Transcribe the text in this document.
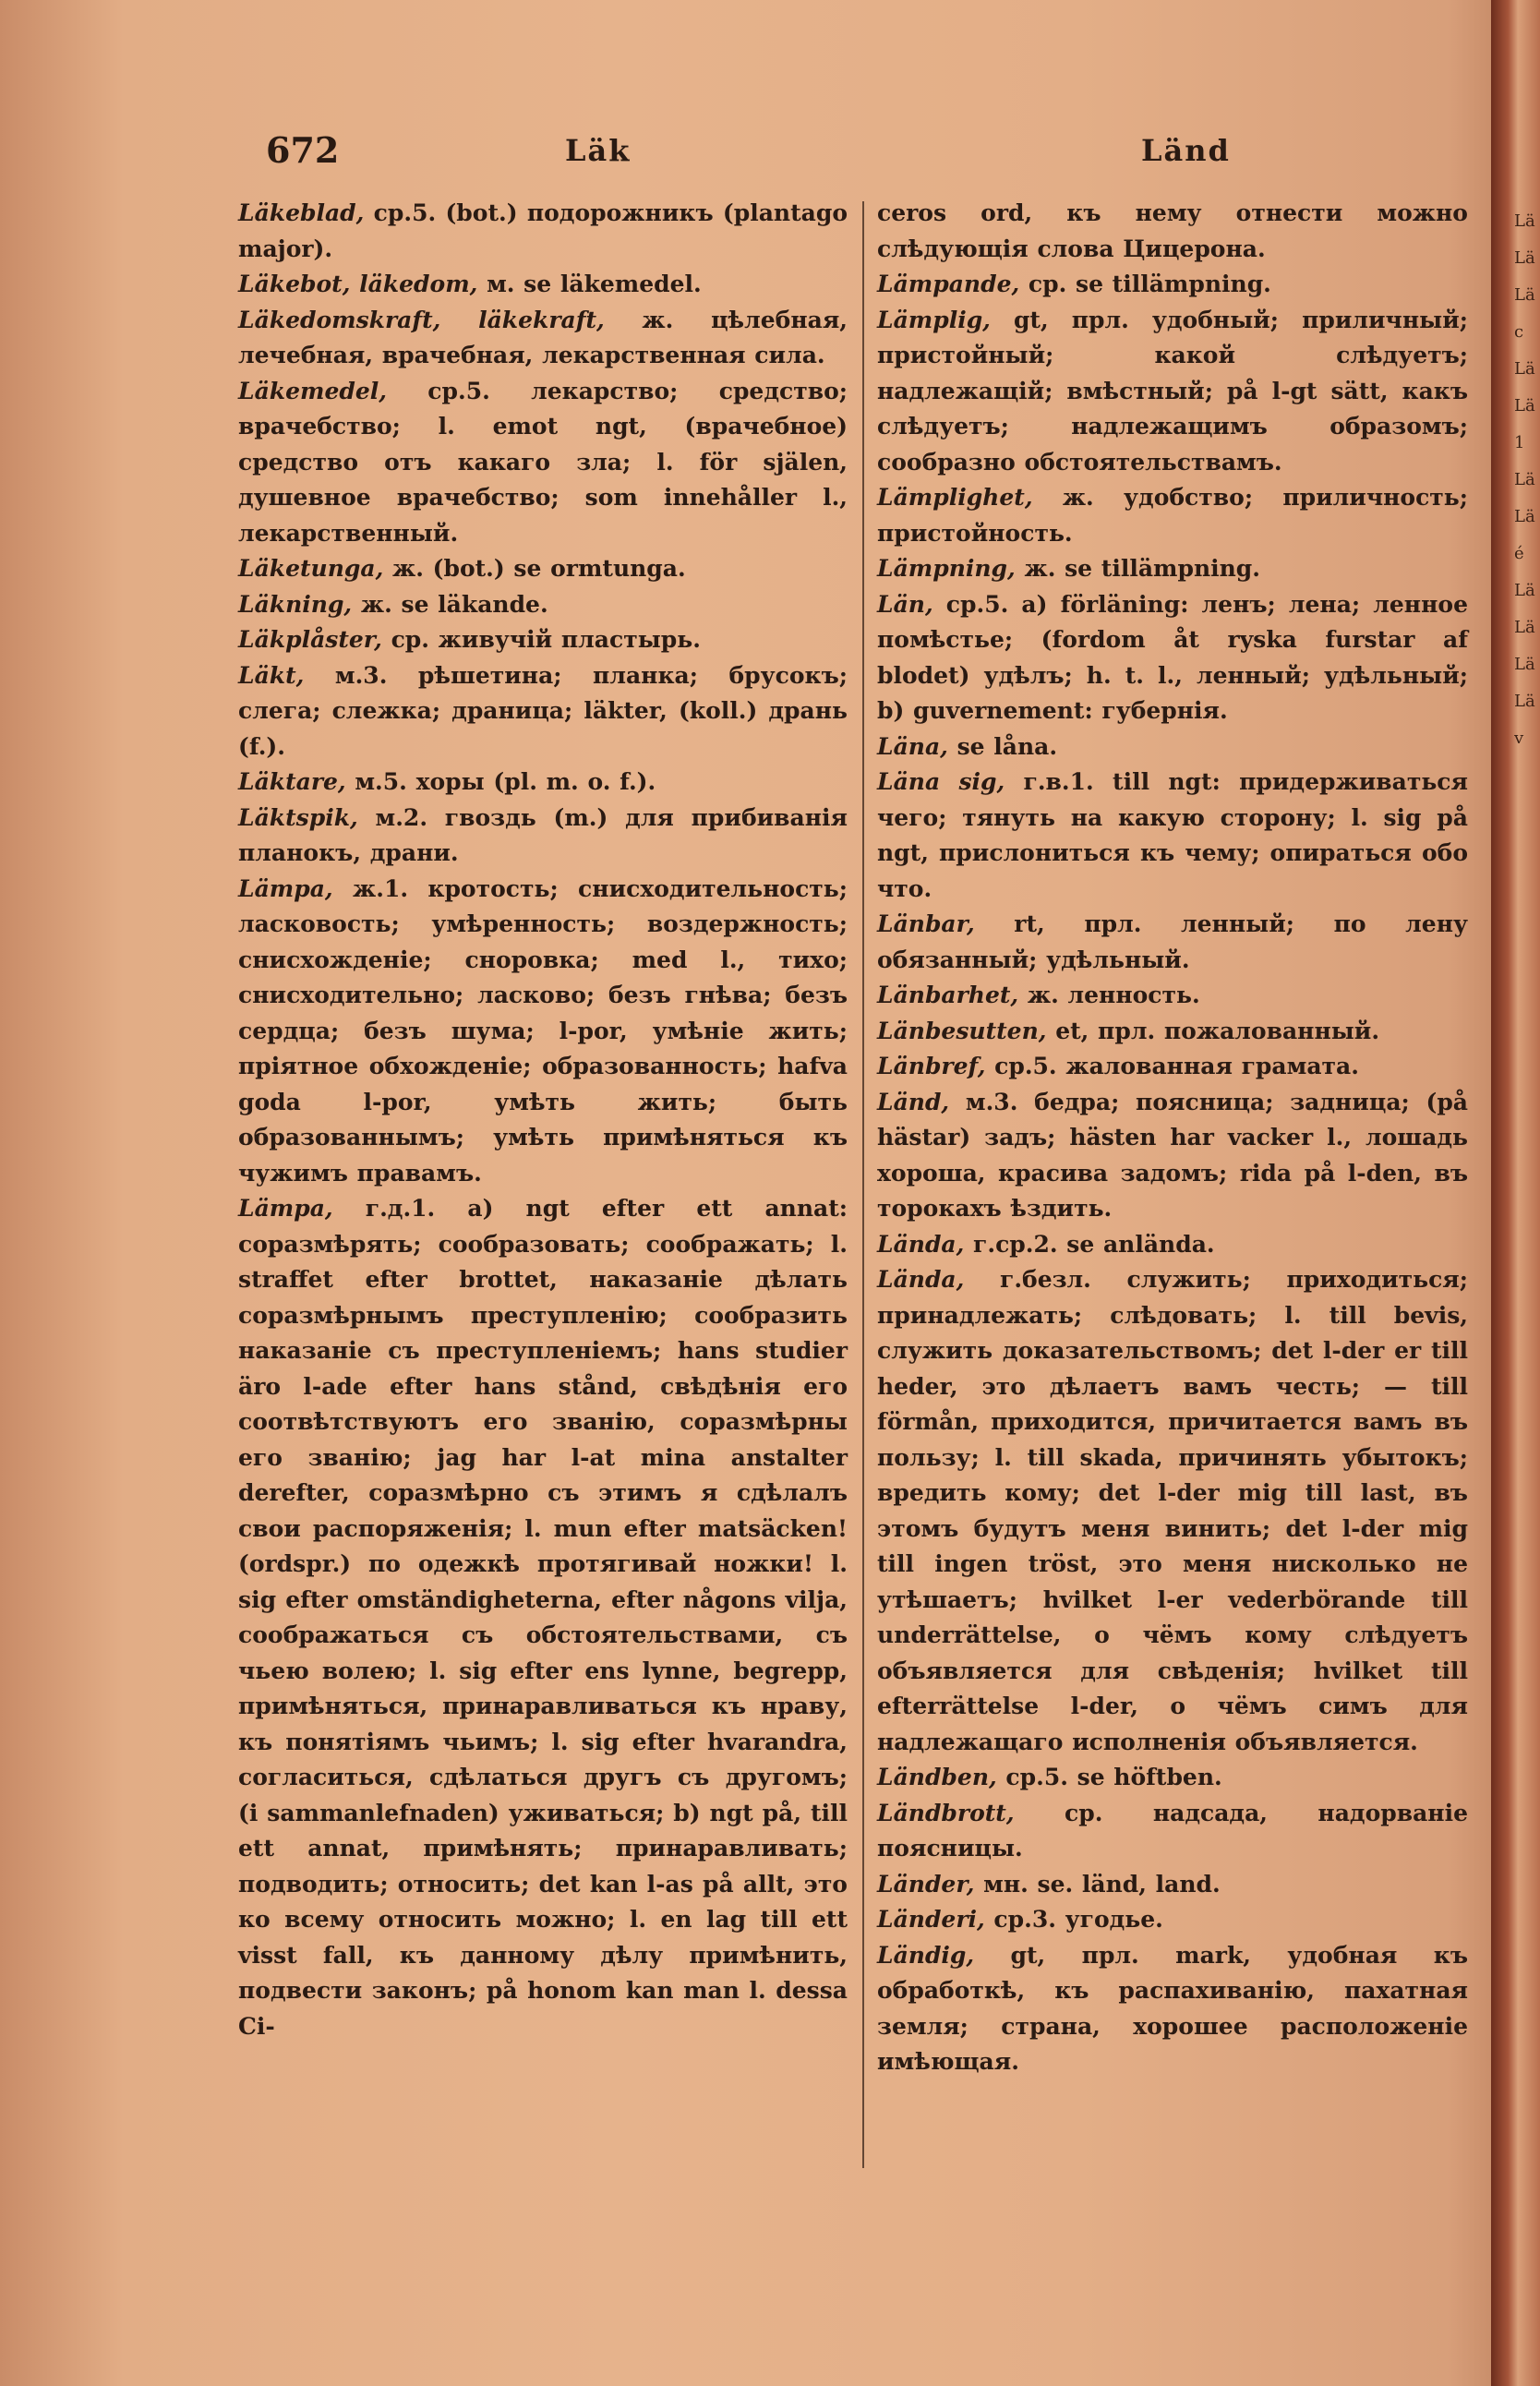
Lä Lä Lä c Lä Lä 1 Lä Lä é Lä Lä Lä Lä v
672	Läk	Länd

Läkeblad, ср.5. (bot.) подорожникъ (plantago major).

Läkebot, läkedom, м. se läkemedel.

Läkedomskraft, läkekraft, ж. цѣлебная, лечебная, врачебная, лекарственная сила.

Läkemedel, ср.5. лекарство; средство; врачебство; l. emot ngt, (врачебное) средство отъ какаго зла; l. för själen, душевное врачебство; som innehåller l., лекарственный.

Läketunga, ж. (bot.) se ormtunga.

Läkning, ж. se läkande.

Läkplåster, ср. живучій пластырь.

Läkt, м.3. рѣшетина; планка; брусокъ; слега; слежка; драница; läkter, (koll.) дрань (f.).

Läktare, м.5. хоры (pl. m. o. f.).

Läktspik, м.2. гвоздь (m.) для прибиванія планокъ, драни.

Lämpa, ж.1. кротость; снисходительность; ласковость; умѣренность; воздержность; снисхожденіе; сноровка; med l., тихо; снисходительно; ласково; безъ гнѣва; безъ сердца; безъ шума; l-por, умѣніе жить; пріятное обхожденіе; образованность; hafva goda l-por, умѣть жить; быть образованнымъ; умѣть примѣняться къ чужимъ правамъ.

Lämpa, г.д.1. a) ngt efter ett annat: соразмѣрять; сообразовать; соображать; l. straffet efter brottet, наказаніе дѣлать соразмѣрнымъ преступленію; сообразить наказаніе съ преступленіемъ; hans studier äro l-ade efter hans stånd, свѣдѣнія его соотвѣтствуютъ его званію, соразмѣрны его званію; jag har l-at mina anstalter derefter, соразмѣрно съ этимъ я сдѣлалъ свои распоряженія; l. mun efter matsäcken! (ordspr.) по одежкѣ протягивай ножки! l. sig efter omständigheterna, efter någons vilja, соображаться съ обстоятельствами, съ чьею волею; l. sig efter ens lynne, begrepp, примѣняться, принаравливаться къ нраву, къ понятіямъ чьимъ; l. sig efter hvarandra, согласиться, сдѣлаться другъ съ другомъ; (i sammanlefnaden) уживаться; b) ngt på, till ett annat, примѣнять; принаравливать; подводить; относить; det kan l-as på allt, это ко всему относить можно; l. en lag till ett visst fall, къ данному дѣлу примѣнить, подвести законъ; på honom kan man l. dessa Ci-

ceros ord, къ нему отнести можно слѣдующія слова Цицерона.

Lämpande, ср. se tillämpning.

Lämplig, gt, прл. удобный; приличный; пристойный; какой слѣдуетъ; надлежащій; вмѣстный; på l-gt sätt, какъ слѣдуетъ; надлежащимъ образомъ; сообразно обстоятельствамъ.

Lämplighet, ж. удобство; приличность; пристойность.

Lämpning, ж. se tillämpning.

Län, ср.5. a) förläning: ленъ; лена; ленное помѣстье; (fordom åt ryska furstar af blodet) удѣлъ; h. t. l., ленный; удѣльный; b) guvernement: губернія.

Läna, se låna.

Läna sig, г.в.1. till ngt: придерживаться чего; тянуть на какую сторону; l. sig på ngt, прислониться къ чему; опираться обо что.

Länbar, rt, прл. ленный; по лену обязанный; удѣльный.

Länbarhet, ж. ленность.

Länbesutten, et, прл. пожалованный.

Länbref, ср.5. жалованная грамата.

Länd, м.3. бедра; поясница; задница; (på hästar) задъ; hästen har vacker l., лошадь хороша, красива задомъ; rida på l-den, въ торокахъ ѣздить.

Lända, г.ср.2. se anlända.

Lända, г.безл. служить; приходиться; принадлежать; слѣдовать; l. till bevis, служить доказательствомъ; det l-der er till heder, это дѣлаетъ вамъ честь; — till förmån, приходится, причитается вамъ въ пользу; l. till skada, причинять убытокъ; вредить кому; det l-der mig till last, въ этомъ будутъ меня винить; det l-der mig till ingen tröst, это меня нисколько не утѣшаетъ; hvilket l-er vederbörande till underrättelse, о чёмъ кому слѣдуетъ объявляется для свѣденія; hvilket till efterrättelse l-der, о чёмъ симъ для надлежащаго исполненія объявляется.

Ländben, ср.5. se höftben.

Ländbrott, ср. надсада, надорваніе поясницы.

Länder, мн. se. länd, land.

Länderi, ср.3. угодье.

Ländig, gt, прл. mark, удобная къ обработкѣ, къ распахиванію, пахатная земля; страна, хорошее расположеніе имѣющая.
